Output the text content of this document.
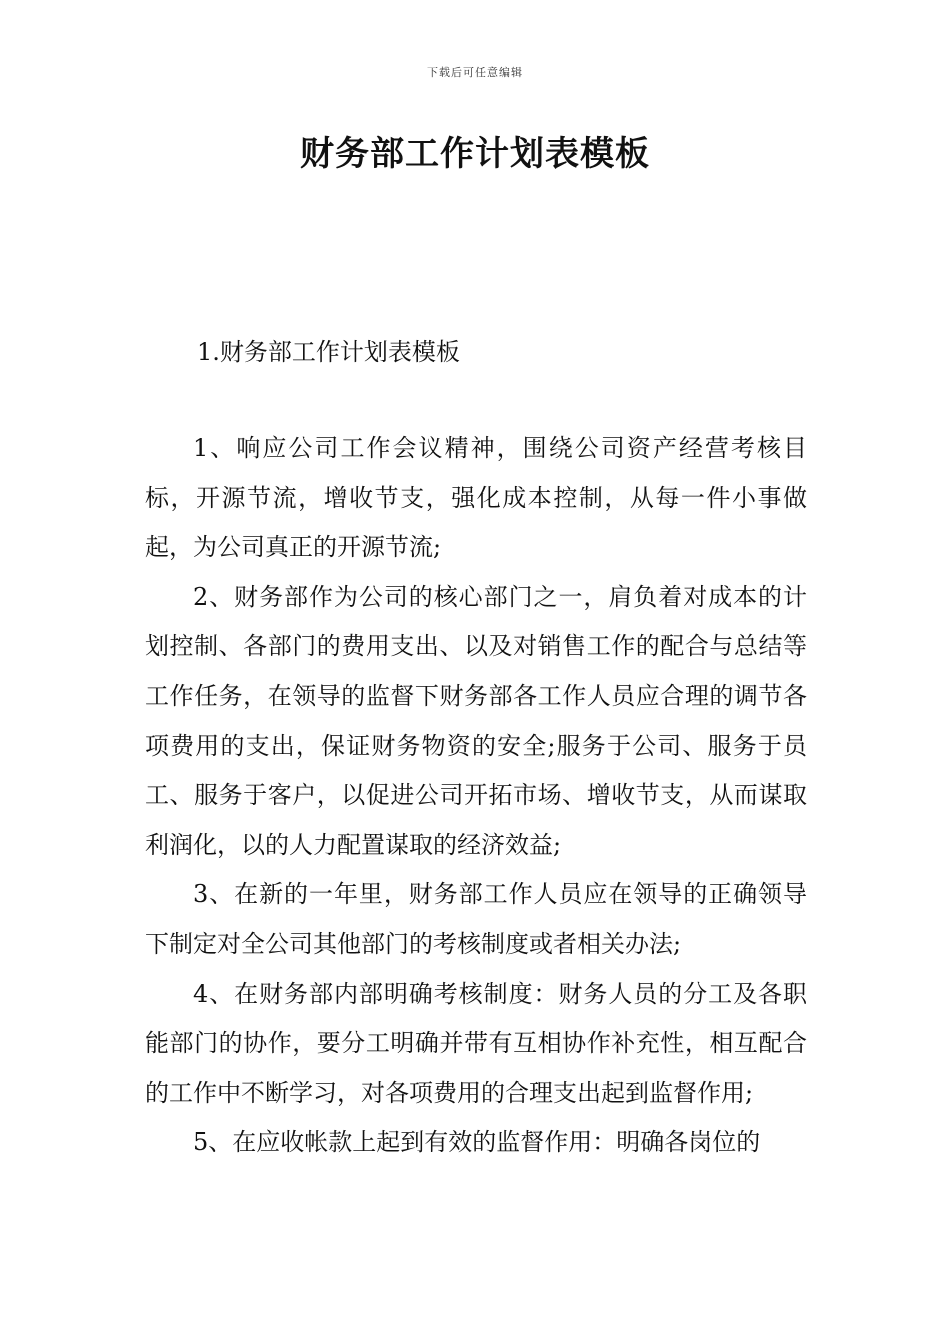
下载后可任意编辑
财务部工作计划表模板
1.财务部工作计划表模板

1、响应公司工作会议精神，围绕公司资产经营考核目标，开源节流，增收节支，强化成本控制，从每一件小事做起，为公司真正的开源节流;

2、财务部作为公司的核心部门之一，肩负着对成本的计划控制、各部门的费用支出、以及对销售工作的配合与总结等工作任务，在领导的监督下财务部各工作人员应合理的调节各项费用的支出，保证财务物资的安全;服务于公司、服务于员工、服务于客户，以促进公司开拓市场、增收节支，从而谋取利润化，以的人力配置谋取的经济效益;

3、在新的一年里，财务部工作人员应在领导的正确领导下制定对全公司其他部门的考核制度或者相关办法;

4、在财务部内部明确考核制度：财务人员的分工及各职能部门的协作，要分工明确并带有互相协作补充性，相互配合的工作中不断学习，对各项费用的合理支出起到监督作用;

5、在应收帐款上起到有效的监督作用：明确各岗位的
